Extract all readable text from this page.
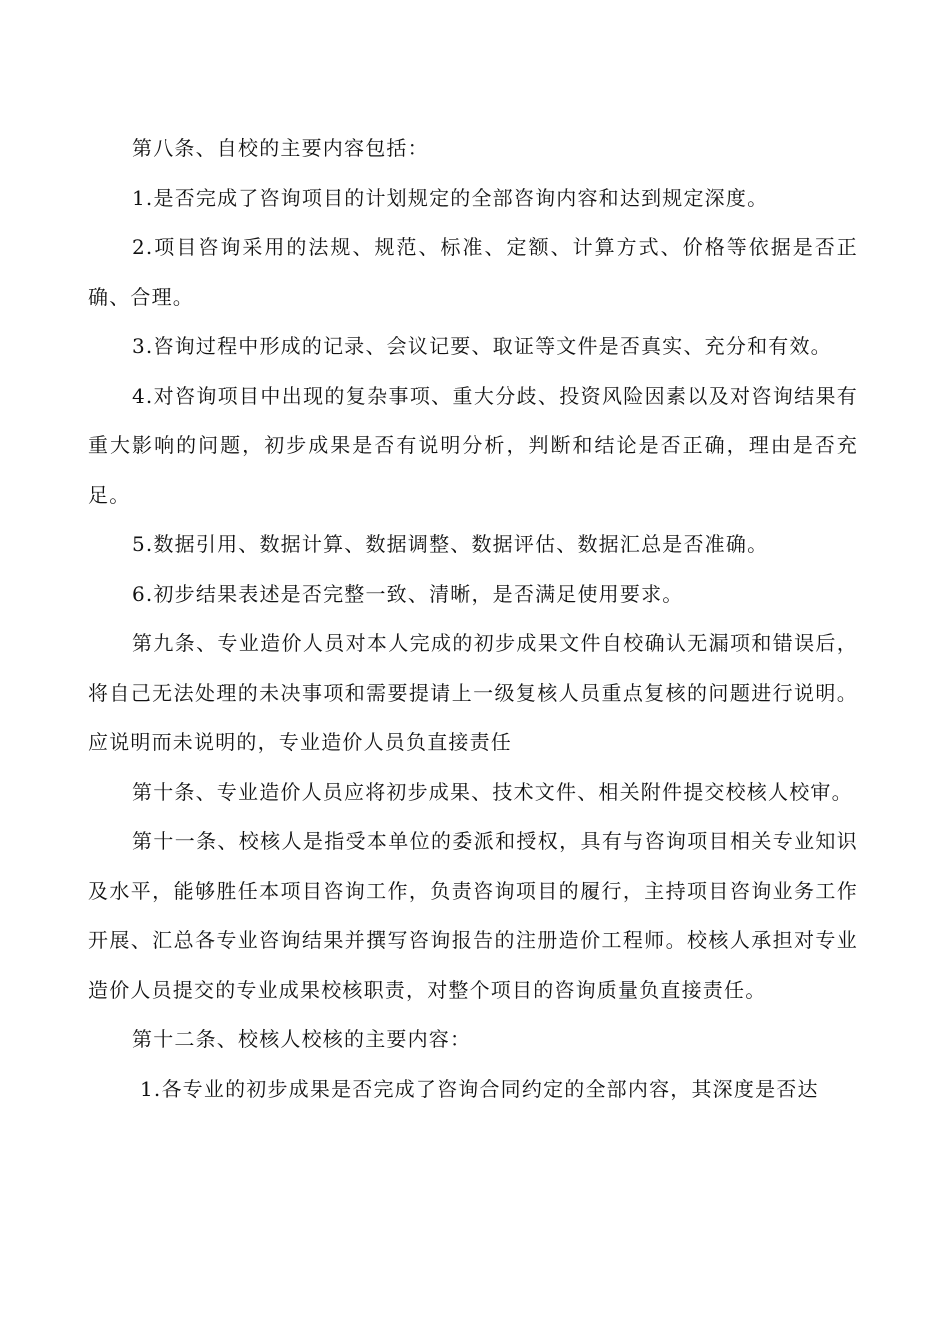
第八条、自校的主要内容包括：

1.是否完成了咨询项目的计划规定的全部咨询内容和达到规定深度。

2.项目咨询采用的法规、规范、标准、定额、计算方式、价格等依据是否正确、合理。

3.咨询过程中形成的记录、会议记要、取证等文件是否真实、充分和有效。

4.对咨询项目中出现的复杂事项、重大分歧、投资风险因素以及对咨询结果有重大影响的问题，初步成果是否有说明分析，判断和结论是否正确，理由是否充足。

5.数据引用、数据计算、数据调整、数据评估、数据汇总是否准确。

6.初步结果表述是否完整一致、清晰，是否满足使用要求。

第九条、专业造价人员对本人完成的初步成果文件自校确认无漏项和错误后，将自己无法处理的未决事项和需要提请上一级复核人员重点复核的问题进行说明。应说明而未说明的，专业造价人员负直接责任

第十条、专业造价人员应将初步成果、技术文件、相关附件提交校核人校审。

第十一条、校核人是指受本单位的委派和授权，具有与咨询项目相关专业知识及水平，能够胜任本项目咨询工作，负责咨询项目的履行，主持项目咨询业务工作开展、汇总各专业咨询结果并撰写咨询报告的注册造价工程师。校核人承担对专业造价人员提交的专业成果校核职责，对整个项目的咨询质量负直接责任。

第十二条、校核人校核的主要内容：

1.各专业的初步成果是否完成了咨询合同约定的全部内容，其深度是否达
